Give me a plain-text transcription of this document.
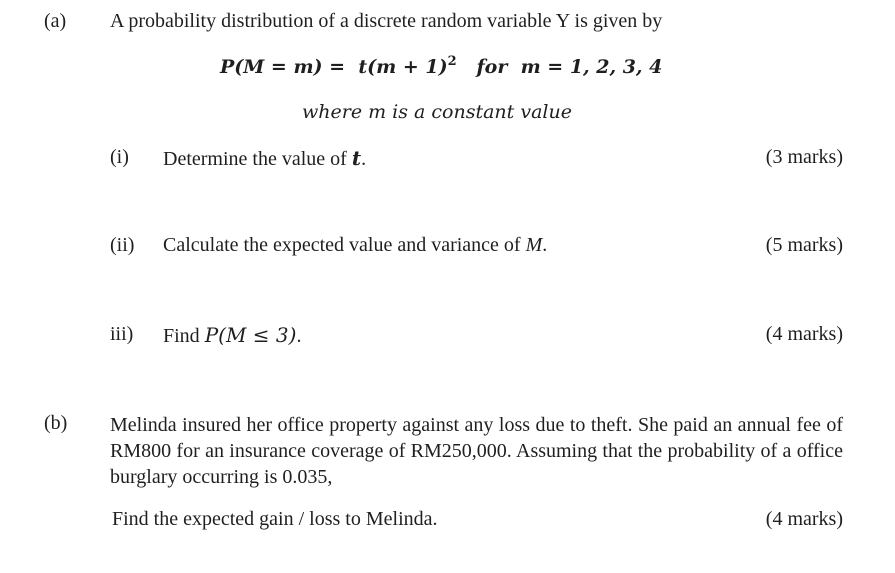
(a) A probability distribution of a discrete random variable Y is given by
$P(M = m) = t(m + 1)^2$ for m = 1, 2, 3, 4
where m is a constant value
(i) Determine the value of t.	(3 marks)
(ii) Calculate the expected value and variance of M.	(5 marks)
iii) Find P(M ≤ 3).	(4 marks)
(b) Melinda insured her office property against any loss due to theft. She paid an annual fee of RM800 for an insurance coverage of RM250,000. Assuming that the probability of a office burglary occurring is 0.035,
Find the expected gain / loss to Melinda.	(4 marks)
